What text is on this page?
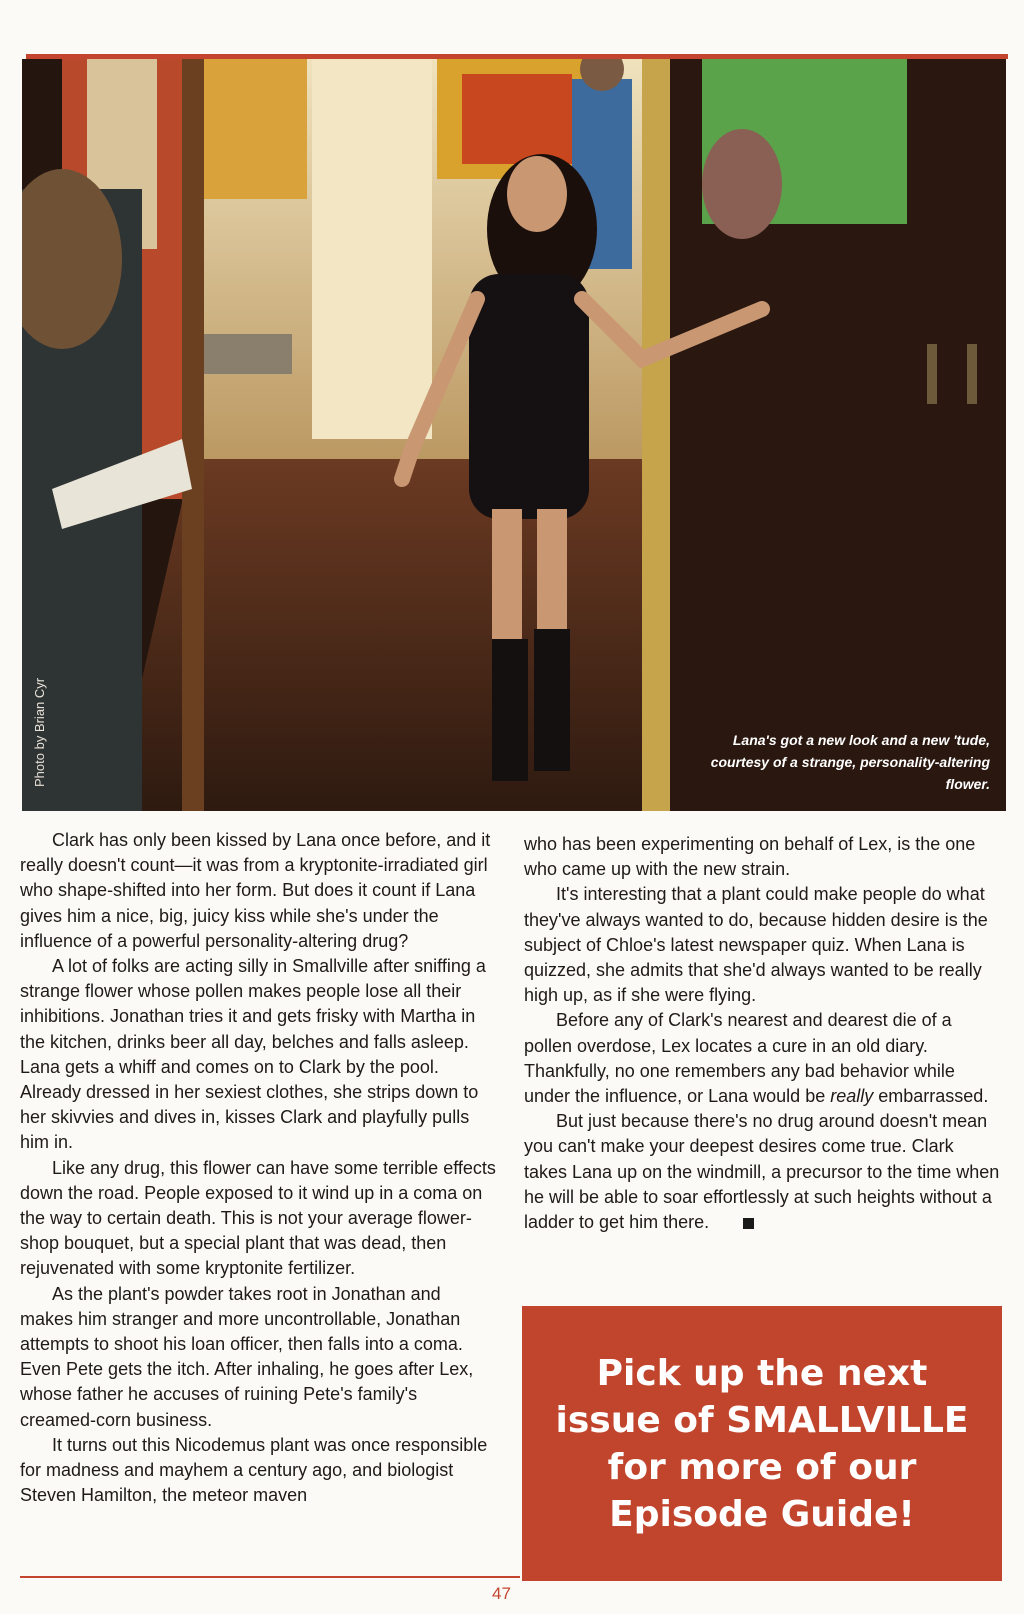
Photo by Brian Cyr	Lana's got a new look and a new 'tude, courtesy of a strange, personality-altering flower.

Clark has only been kissed by Lana once before, and it really doesn't count—it was from a kryptonite-irradiated girl who shape-shifted into her form. But does it count if Lana gives him a nice, big, juicy kiss while she's under the influence of a powerful personality-altering drug?

A lot of folks are acting silly in Smallville after sniffing a strange flower whose pollen makes people lose all their inhibitions. Jonathan tries it and gets frisky with Martha in the kitchen, drinks beer all day, belches and falls asleep. Lana gets a whiff and comes on to Clark by the pool. Already dressed in her sexiest clothes, she strips down to her skivvies and dives in, kisses Clark and playfully pulls him in.

Like any drug, this flower can have some terrible effects down the road. People exposed to it wind up in a coma on the way to certain death. This is not your average flower-shop bouquet, but a special plant that was dead, then rejuvenated with some kryptonite fertilizer.

As the plant's powder takes root in Jonathan and makes him stranger and more uncontrollable, Jonathan attempts to shoot his loan officer, then falls into a coma. Even Pete gets the itch. After inhaling, he goes after Lex, whose father he accuses of ruining Pete's family's creamed-corn business.

It turns out this Nicodemus plant was once responsible for madness and mayhem a century ago, and biologist Steven Hamilton, the meteor maven

who has been experimenting on behalf of Lex, is the one who came up with the new strain.

It's interesting that a plant could make people do what they've always wanted to do, because hidden desire is the subject of Chloe's latest newspaper quiz. When Lana is quizzed, she admits that she'd always wanted to be really high up, as if she were flying.

Before any of Clark's nearest and dearest die of a pollen overdose, Lex locates a cure in an old diary. Thankfully, no one remembers any bad behavior while under the influence, or Lana would be really embarrassed.

But just because there's no drug around doesn't mean you can't make your deepest desires come true. Clark takes Lana up on the windmill, a precursor to the time when he will be able to soar effortlessly at such heights without a ladder to get him there.

Pick up the next issue of SMALLVILLE for more of our Episode Guide!
47
